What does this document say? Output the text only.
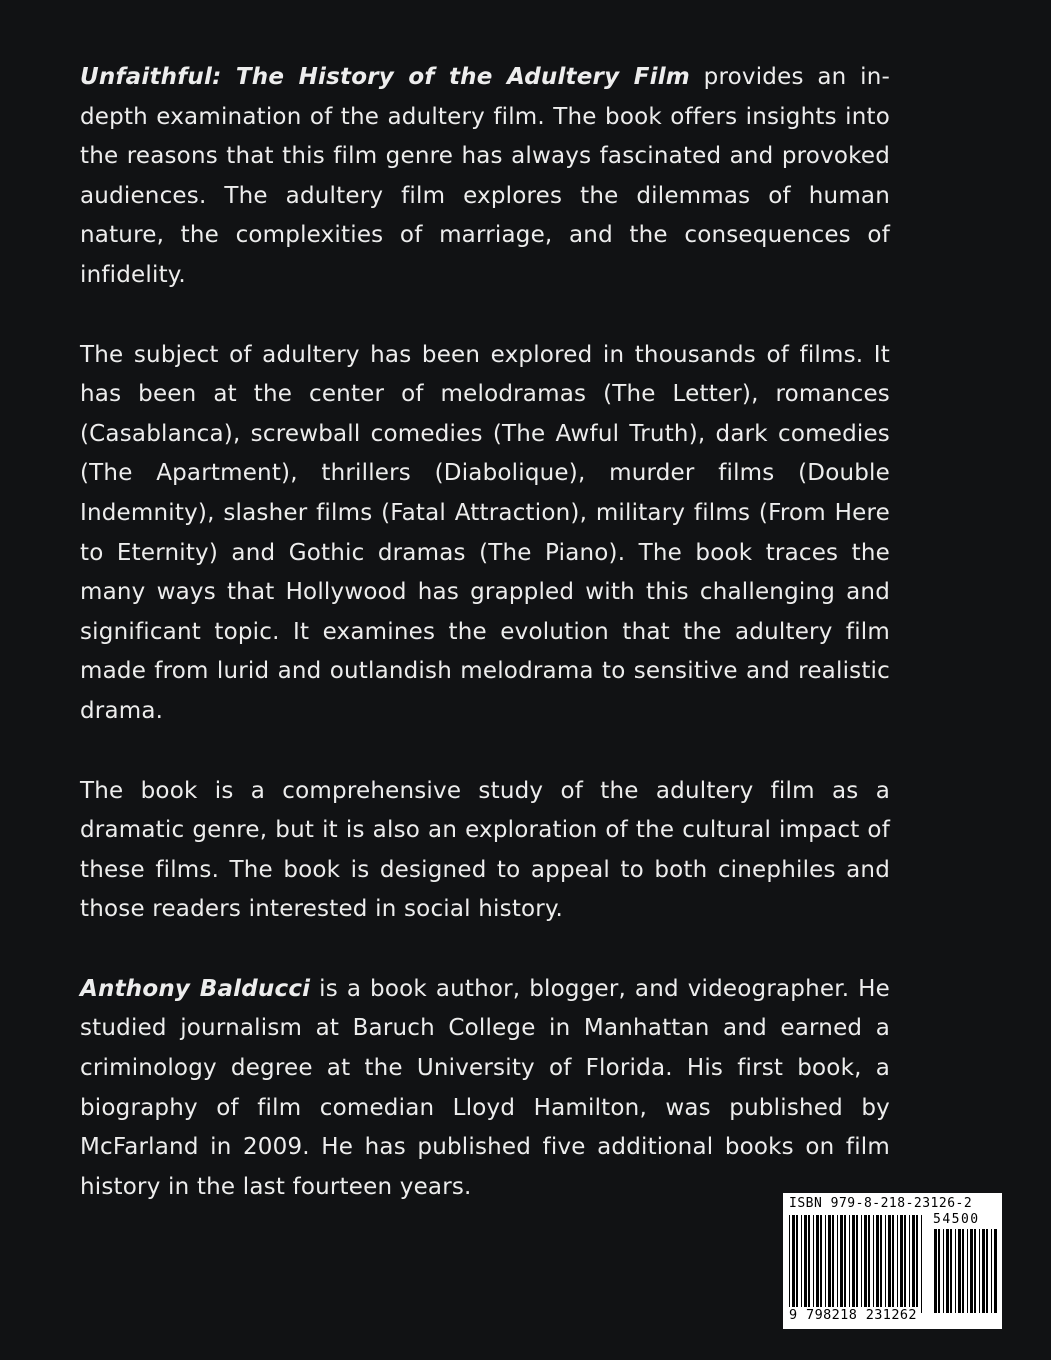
Unfaithful: The History of the Adultery Film provides an in-depth examination of the adultery film. The book offers insights into the reasons that this film genre has always fascinated and provoked audiences. The adultery film explores the dilemmas of human nature, the complexities of marriage, and the consequences of infidelity.

The subject of adultery has been explored in thousands of films. It has been at the center of melodramas (The Letter), romances (Casablanca), screwball comedies (The Awful Truth), dark comedies (The Apartment), thrillers (Diabolique), murder films (Double Indemnity), slasher films (Fatal Attraction), military films (From Here to Eternity) and Gothic dramas (The Piano). The book traces the many ways that Hollywood has grappled with this challenging and significant topic. It examines the evolution that the adultery film made from lurid and outlandish melodrama to sensitive and realistic drama.

The book is a comprehensive study of the adultery film as a dramatic genre, but it is also an exploration of the cultural impact of these films. The book is designed to appeal to both cinephiles and those readers interested in social history.

Anthony Balducci is a book author, blogger, and videographer. He studied journalism at Baruch College in Manhattan and earned a criminology degree at the University of Florida. His first book, a biography of film comedian Lloyd Hamilton, was published by McFarland in 2009. He has published five additional books on film history in the last fourteen years.

ISBN 979-8-218-23126-2
54500
9 798218 231262
